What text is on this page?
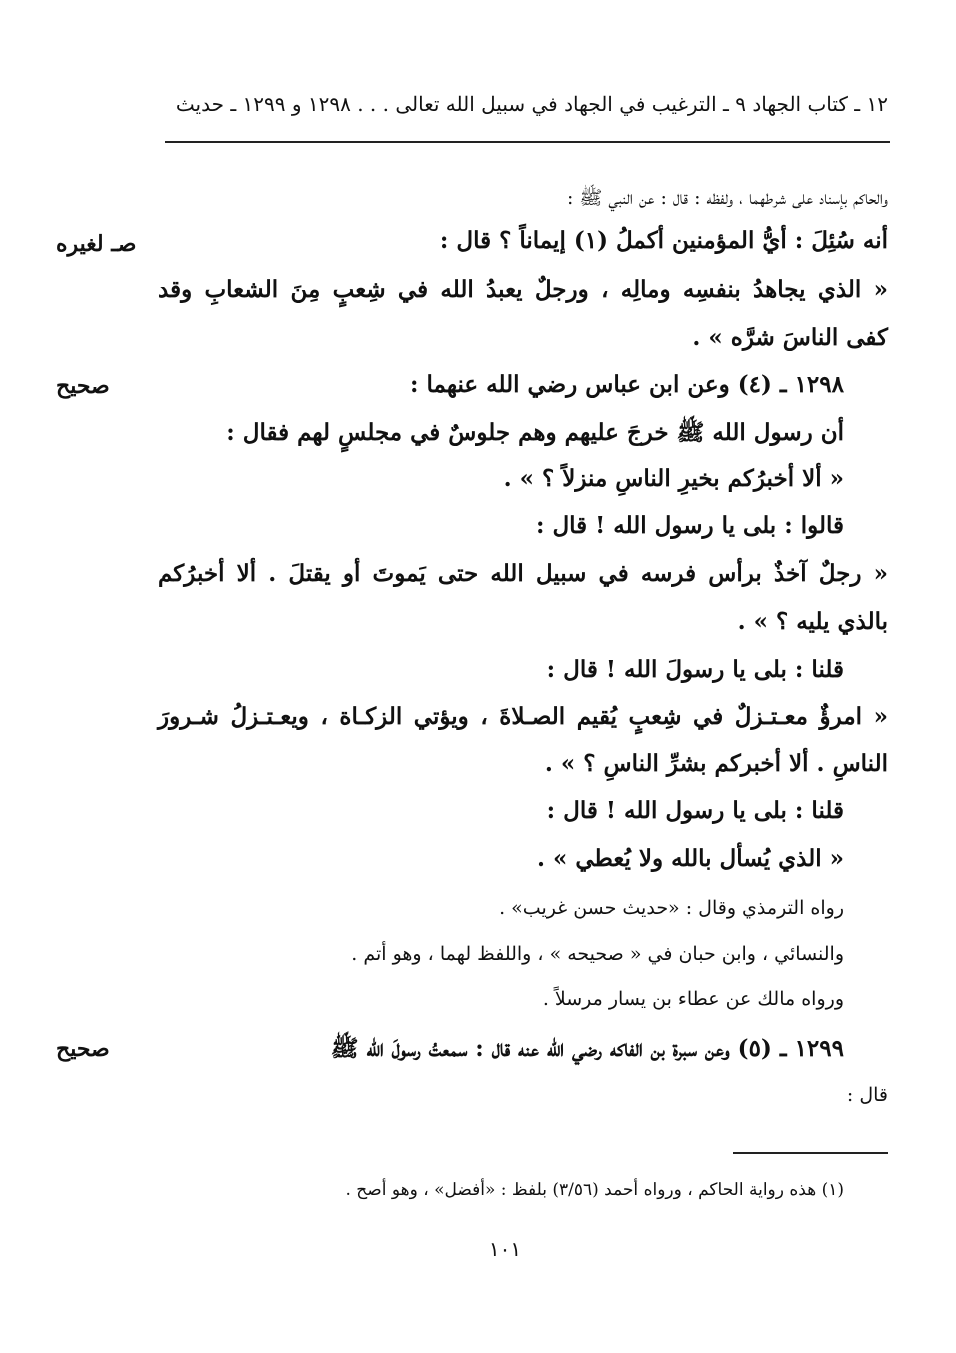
١٢ ـ كتاب الجهاد ٩ ـ الترغيب في الجهاد في سبيل الله تعالى . . . ١٢٩٨ و ١٢٩٩ ـ حديث
والحاكم بإسناد على شرطهما ، ولفظه : قال : عن النبي ﷺ :
أنه سُئِلَ : أيُّ المؤمنين أكملُ (١) إيماناً ؟ قال :
صـ لغيره
« الذي يجاهدُ بنفسِه ومالِه ، ورجلٌ يعبدُ الله في شِعبٍ مِنَ الشعابِ وقد
كفى الناسَ شرَّه » .
١٢٩٨ ـ (٤) وعن ابن عباس رضي الله عنهما :
صحيح
أن رسول الله ﷺ خرجَ عليهم وهم جلوسٌ في مجلسٍ لهم فقال :
« ألا أخبرُكم بخيرِ الناسِ منزلاً ؟ » .
قالوا : بلى يا رسول الله ! قال :
« رجلٌ آخذٌ برأس فرسه في سبيل الله حتى يَموتَ أو يقتلَ . ألا أخبرُكم
بالذي يليه ؟ » .
قلنا : بلى يا رسولَ الله ! قال :
« امرؤٌ معـتـزلٌ في شِعبٍ يُقيم الصـلاةَ ، ويؤتي الزكـاة ، ويعـتـزلُ شـرورَ
الناسِ . ألا أخبركم بشرِّ الناسِ ؟ » .
قلنا : بلى يا رسول الله ! قال :
« الذي يُسأل بالله ولا يُعطي » .
رواه الترمذي وقال : «حديث حسن غريب» .
والنسائي ، وابن حبان في « صحيحه » ، واللفظ لهما ، وهو أتم .
ورواه مالك عن عطاء بن يسار مرسلاً .
١٢٩٩ ـ (٥) وعن سبرة بن الفاكه رضي الله عنه قال : سمعتُ رسولَ الله ﷺ
صحيح
قال :
(١) هذه رواية الحاكم ، ورواه أحمد (٣/٥٦) بلفظ : «أفضل» ، وهو أصح .
١٠١
